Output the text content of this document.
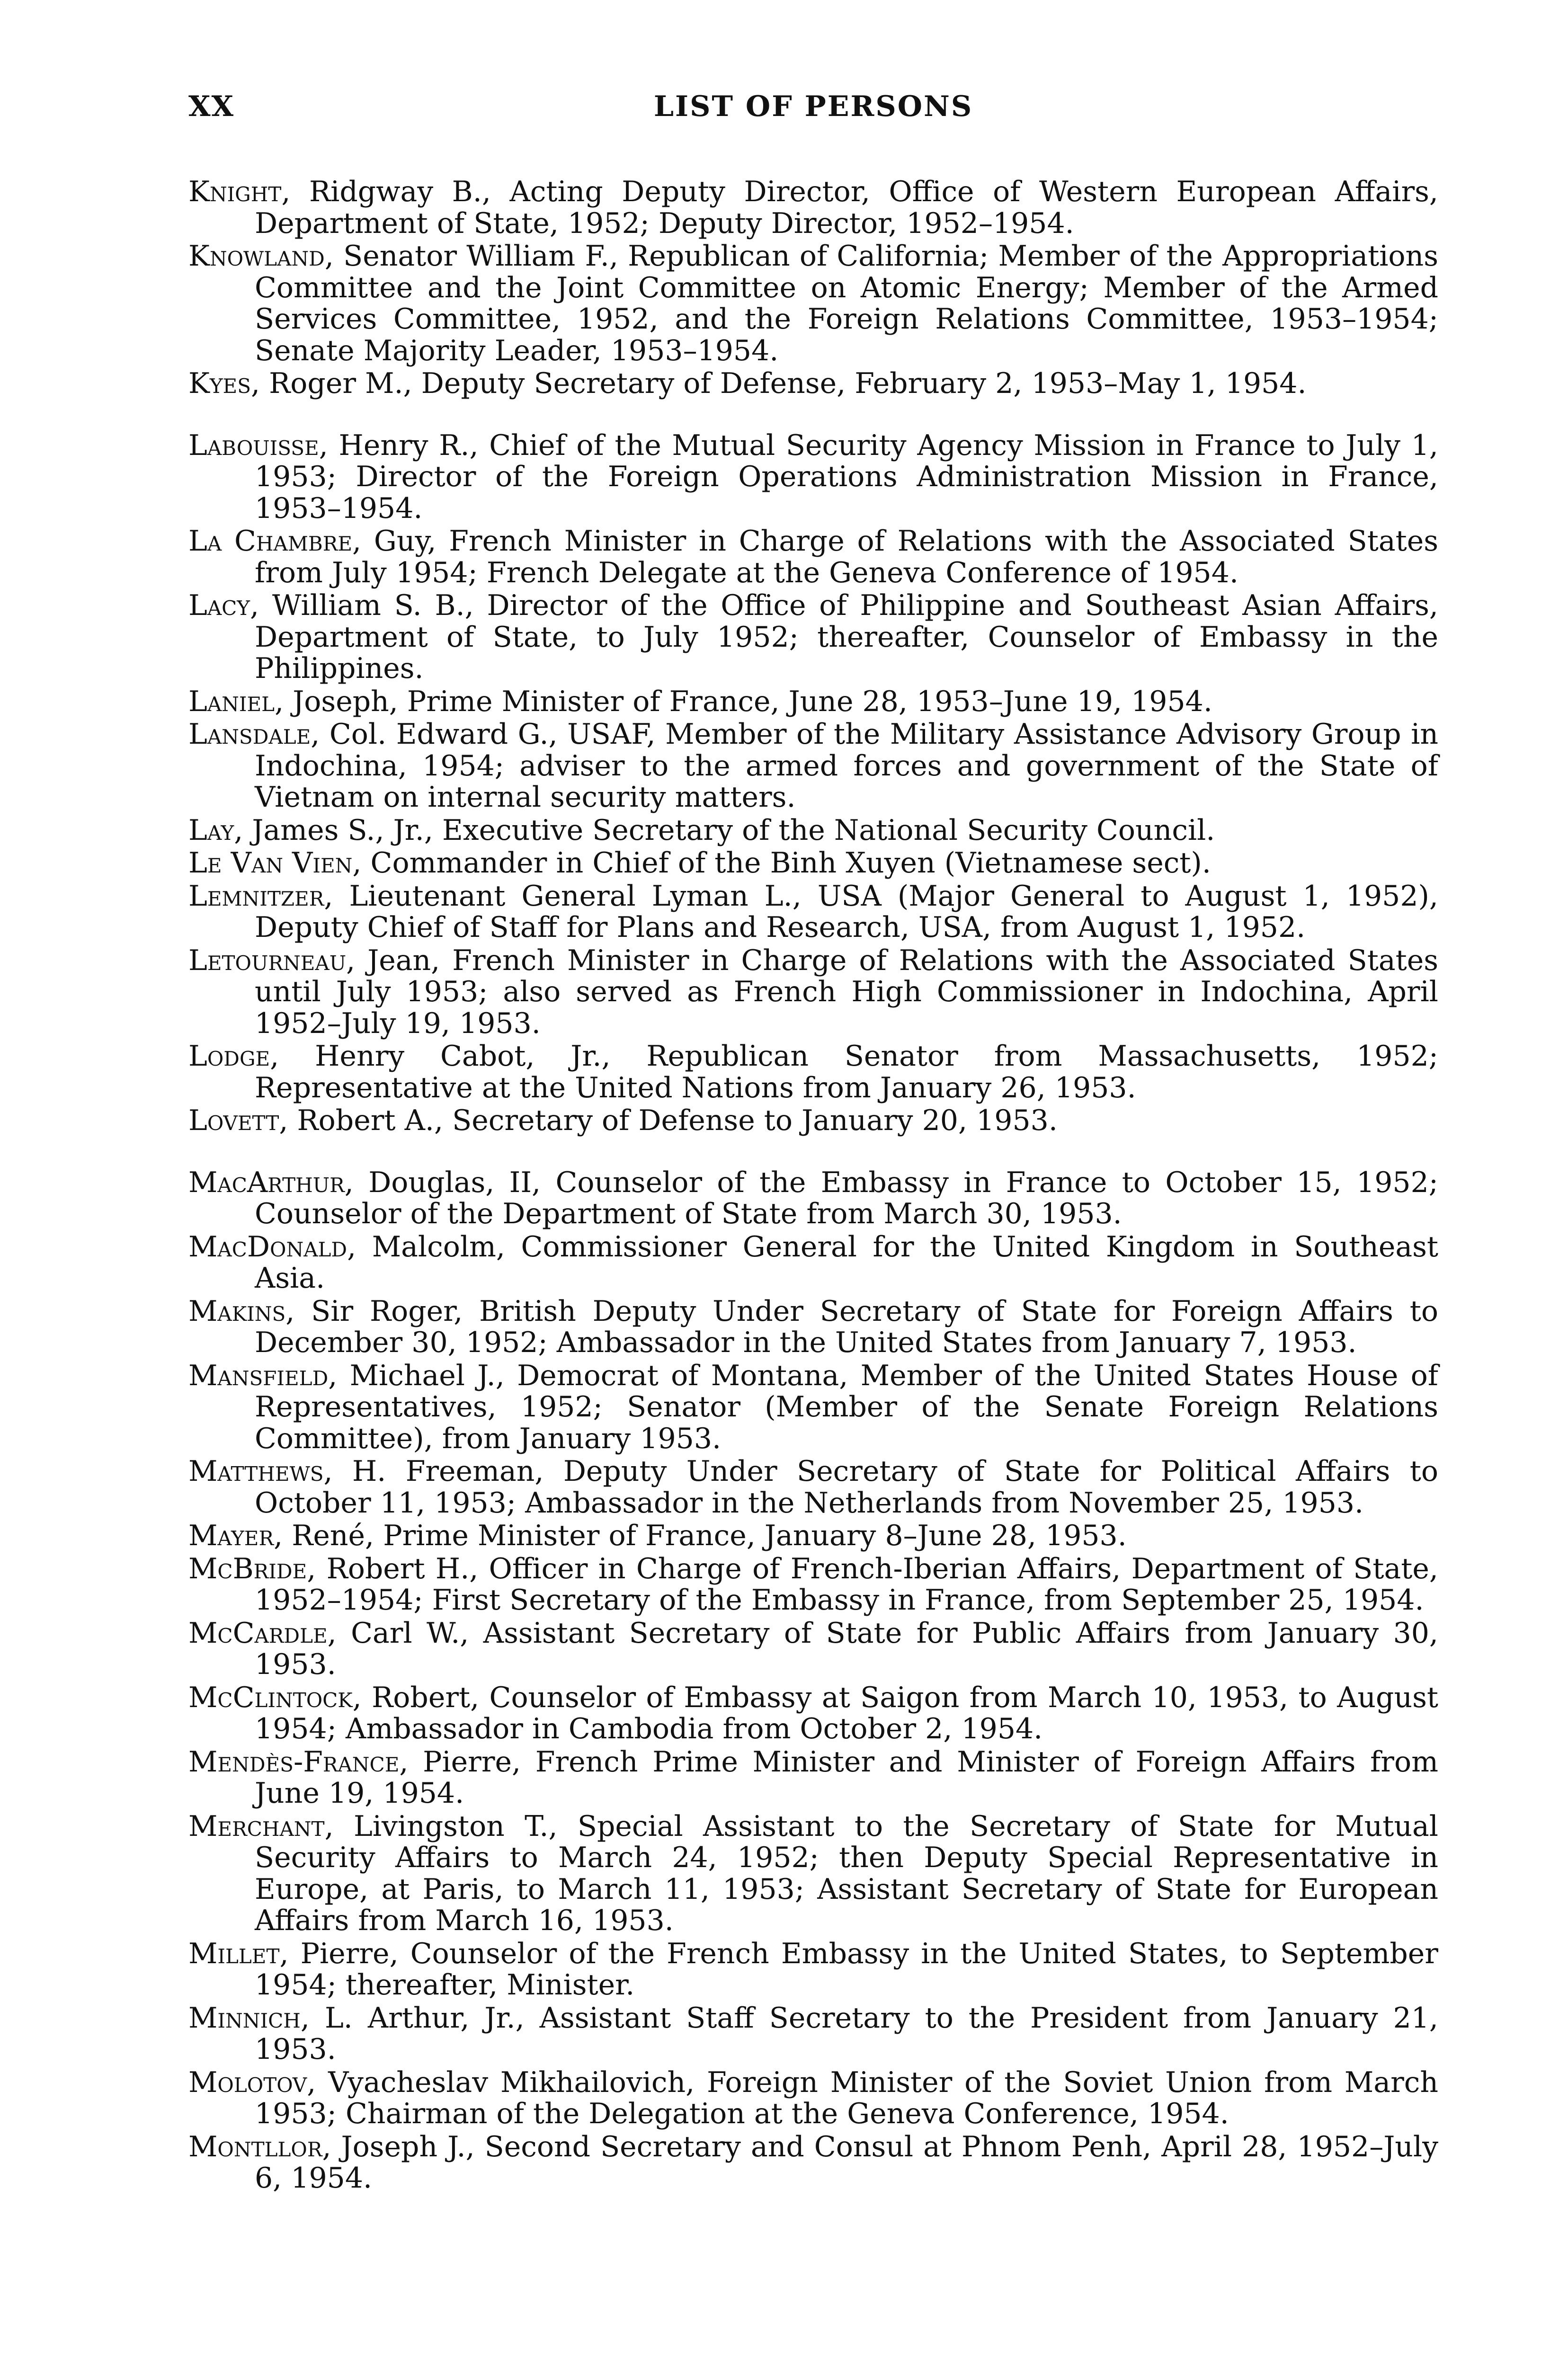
XX	LIST OF PERSONS

Knight, Ridgway B., Acting Deputy Director, Office of Western European Affairs, Department of State, 1952; Deputy Director, 1952–1954.

Knowland, Senator William F., Republican of California; Member of the Appropriations Committee and the Joint Committee on Atomic Energy; Member of the Armed Services Committee, 1952, and the Foreign Relations Committee, 1953–1954; Senate Majority Leader, 1953–1954.

Kyes, Roger M., Deputy Secretary of Defense, February 2, 1953–May 1, 1954.

Labouisse, Henry R., Chief of the Mutual Security Agency Mission in France to July 1, 1953; Director of the Foreign Operations Administration Mission in France, 1953–1954.

La Chambre, Guy, French Minister in Charge of Relations with the Associated States from July 1954; French Delegate at the Geneva Conference of 1954.

Lacy, William S. B., Director of the Office of Philippine and Southeast Asian Affairs, Department of State, to July 1952; thereafter, Counselor of Embassy in the Philippines.

Laniel, Joseph, Prime Minister of France, June 28, 1953–June 19, 1954.

Lansdale, Col. Edward G., USAF, Member of the Military Assistance Advisory Group in Indochina, 1954; adviser to the armed forces and government of the State of Vietnam on internal security matters.

Lay, James S., Jr., Executive Secretary of the National Security Council.

Le Van Vien, Commander in Chief of the Binh Xuyen (Vietnamese sect).

Lemnitzer, Lieutenant General Lyman L., USA (Major General to August 1, 1952), Deputy Chief of Staff for Plans and Research, USA, from August 1, 1952.

Letourneau, Jean, French Minister in Charge of Relations with the Associated States until July 1953; also served as French High Commissioner in Indochina, April 1952–July 19, 1953.

Lodge, Henry Cabot, Jr., Republican Senator from Massachusetts, 1952; Representative at the United Nations from January 26, 1953.

Lovett, Robert A., Secretary of Defense to January 20, 1953.

MacArthur, Douglas, II, Counselor of the Embassy in France to October 15, 1952; Counselor of the Department of State from March 30, 1953.

MacDonald, Malcolm, Commissioner General for the United Kingdom in Southeast Asia.

Makins, Sir Roger, British Deputy Under Secretary of State for Foreign Affairs to December 30, 1952; Ambassador in the United States from January 7, 1953.

Mansfield, Michael J., Democrat of Montana, Member of the United States House of Representatives, 1952; Senator (Member of the Senate Foreign Relations Committee), from January 1953.

Matthews, H. Freeman, Deputy Under Secretary of State for Political Affairs to October 11, 1953; Ambassador in the Netherlands from November 25, 1953.

Mayer, René, Prime Minister of France, January 8–June 28, 1953.

McBride, Robert H., Officer in Charge of French-Iberian Affairs, Department of State, 1952–1954; First Secretary of the Embassy in France, from September 25, 1954.

McCardle, Carl W., Assistant Secretary of State for Public Affairs from January 30, 1953.

McClintock, Robert, Counselor of Embassy at Saigon from March 10, 1953, to August 1954; Ambassador in Cambodia from October 2, 1954.

Mendès-France, Pierre, French Prime Minister and Minister of Foreign Affairs from June 19, 1954.

Merchant, Livingston T., Special Assistant to the Secretary of State for Mutual Security Affairs to March 24, 1952; then Deputy Special Representative in Europe, at Paris, to March 11, 1953; Assistant Secretary of State for European Affairs from March 16, 1953.

Millet, Pierre, Counselor of the French Embassy in the United States, to September 1954; thereafter, Minister.

Minnich, L. Arthur, Jr., Assistant Staff Secretary to the President from January 21, 1953.

Molotov, Vyacheslav Mikhailovich, Foreign Minister of the Soviet Union from March 1953; Chairman of the Delegation at the Geneva Conference, 1954.

Montllor, Joseph J., Second Secretary and Consul at Phnom Penh, April 28, 1952–July 6, 1954.
